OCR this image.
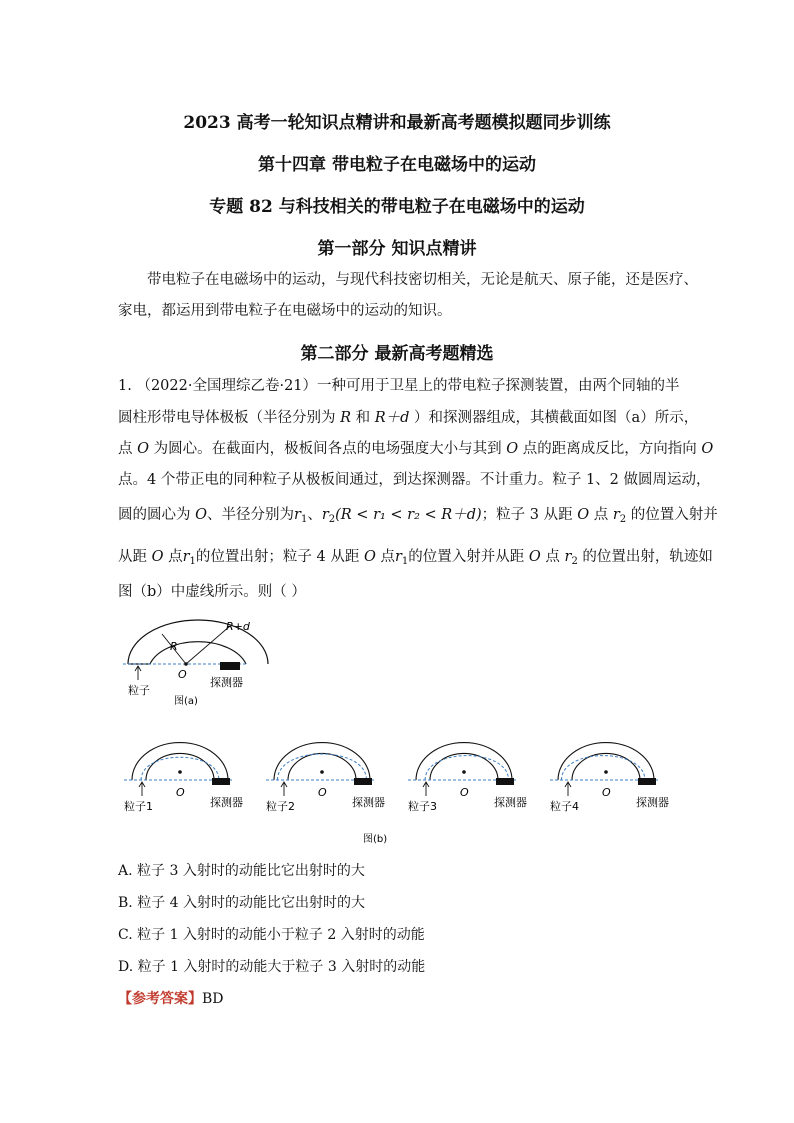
2023 高考一轮知识点精讲和最新高考题模拟题同步训练
第十四章 带电粒子在电磁场中的运动
专题 82 与科技相关的带电粒子在电磁场中的运动
第一部分 知识点精讲
带电粒子在电磁场中的运动，与现代科技密切相关，无论是航天、原子能，还是医疗、
家电，都运用到带电粒子在电磁场中的运动的知识。
第二部分 最新高考题精选
1. （2022·全国理综乙卷·21）一种可用于卫星上的带电粒子探测装置，由两个同轴的半
圆柱形带电导体极板（半径分别为 R 和 R＋d ）和探测器组成，其横截面如图（a）所示，
点 O 为圆心。在截面内，极板间各点的电场强度大小与其到 O 点的距离成反比，方向指向 O
点。4 个带正电的同种粒子从极板间通过，到达探测器。不计重力。粒子 1、2 做圆周运动，
圆的圆心为 O、半径分别为$r_1$、$r_2(R < r_1 < r_2 < R+d)$；粒子 3 从距 O 点 $r_2$ 的位置入射并
从距 O 点$r_1$的位置出射；粒子 4 从距 O 点$r_1$的位置入射并从距 O 点 $r_2$ 的位置出射，轨迹如
图（b）中虚线所示。则（ ）
R+d
R
O
探测器
粒子
图(a)
O
探测器
粒子1
O
探测器
粒子2
O
探测器
粒子3
O
探测器
粒子4
图(b)
A. 粒子 3 入射时的动能比它出射时的大
B. 粒子 4 入射时的动能比它出射时的大
C. 粒子 1 入射时的动能小于粒子 2 入射时的动能
D. 粒子 1 入射时的动能大于粒子 3 入射时的动能
【参考答案】BD
